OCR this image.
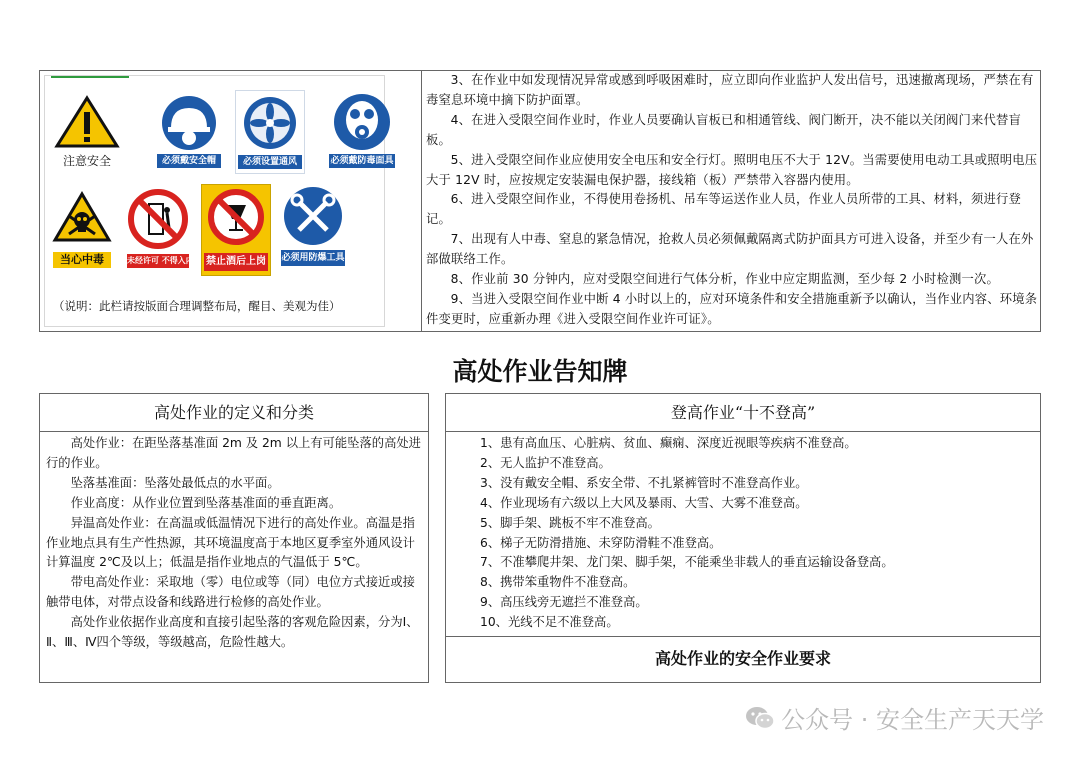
注意安全	必须戴安全帽	必须设置通风	必须戴防毒面具
当心中毒	未经许可 不得入内 禁止酒后上岗 必须用防爆工具
（说明：此栏请按版面合理调整布局，醒目、美观为佳）

3、在作业中如发现情况异常或感到呼吸困难时，应立即向作业监护人发出信号，迅速撤离现场，严禁在有毒窒息环境中摘下防护面罩。

4、在进入受限空间作业时，作业人员要确认盲板已和相通管线、阀门断开，决不能以关闭阀门来代替盲板。

5、进入受限空间作业应使用安全电压和安全行灯。照明电压不大于 12V。当需要使用电动工具或照明电压大于 12V 时，应按规定安装漏电保护器，接线箱（板）严禁带入容器内使用。

6、进入受限空间作业，不得使用卷扬机、吊车等运送作业人员，作业人员所带的工具、材料，须进行登记。

7、出现有人中毒、窒息的紧急情况，抢救人员必须佩戴隔离式防护面具方可进入设备，并至少有一人在外部做联络工作。

8、作业前 30 分钟内，应对受限空间进行气体分析，作业中应定期监测，至少每 2 小时检测一次。

9、当进入受限空间作业中断 4 小时以上的，应对环境条件和安全措施重新予以确认，当作业内容、环境条件变更时，应重新办理《进入受限空间作业许可证》。

高处作业告知牌
高处作业的定义和分类

高处作业：在距坠落基准面 2m 及 2m 以上有可能坠落的高处进行的作业。

坠落基准面：坠落处最低点的水平面。

作业高度：从作业位置到坠落基准面的垂直距离。

异温高处作业：在高温或低温情况下进行的高处作业。高温是指作业地点具有生产性热源，其环境温度高于本地区夏季室外通风设计计算温度 2℃及以上；低温是指作业地点的气温低于 5℃。

带电高处作业：采取地（零）电位或等（同）电位方式接近或接触带电体，对带点设备和线路进行检修的高处作业。

高处作业依据作业高度和直接引起坠落的客观危险因素，分为Ⅰ、Ⅱ、Ⅲ、Ⅳ四个等级，等级越高，危险性越大。

登高作业“十不登高”
1、患有高血压、心脏病、贫血、癫痫、深度近视眼等疾病不准登高。
2、无人监护不准登高。
3、没有戴安全帽、系安全带、不扎紧裤管时不准登高作业。
4、作业现场有六级以上大风及暴雨、大雪、大雾不准登高。
5、脚手架、跳板不牢不准登高。
6、梯子无防滑措施、未穿防滑鞋不准登高。
7、不准攀爬井架、龙门架、脚手架，不能乘坐非载人的垂直运输设备登高。
8、携带笨重物件不准登高。
9、高压线旁无遮拦不准登高。
10、光线不足不准登高。
高处作业的安全作业要求
公众号 · 安全生产天天学
